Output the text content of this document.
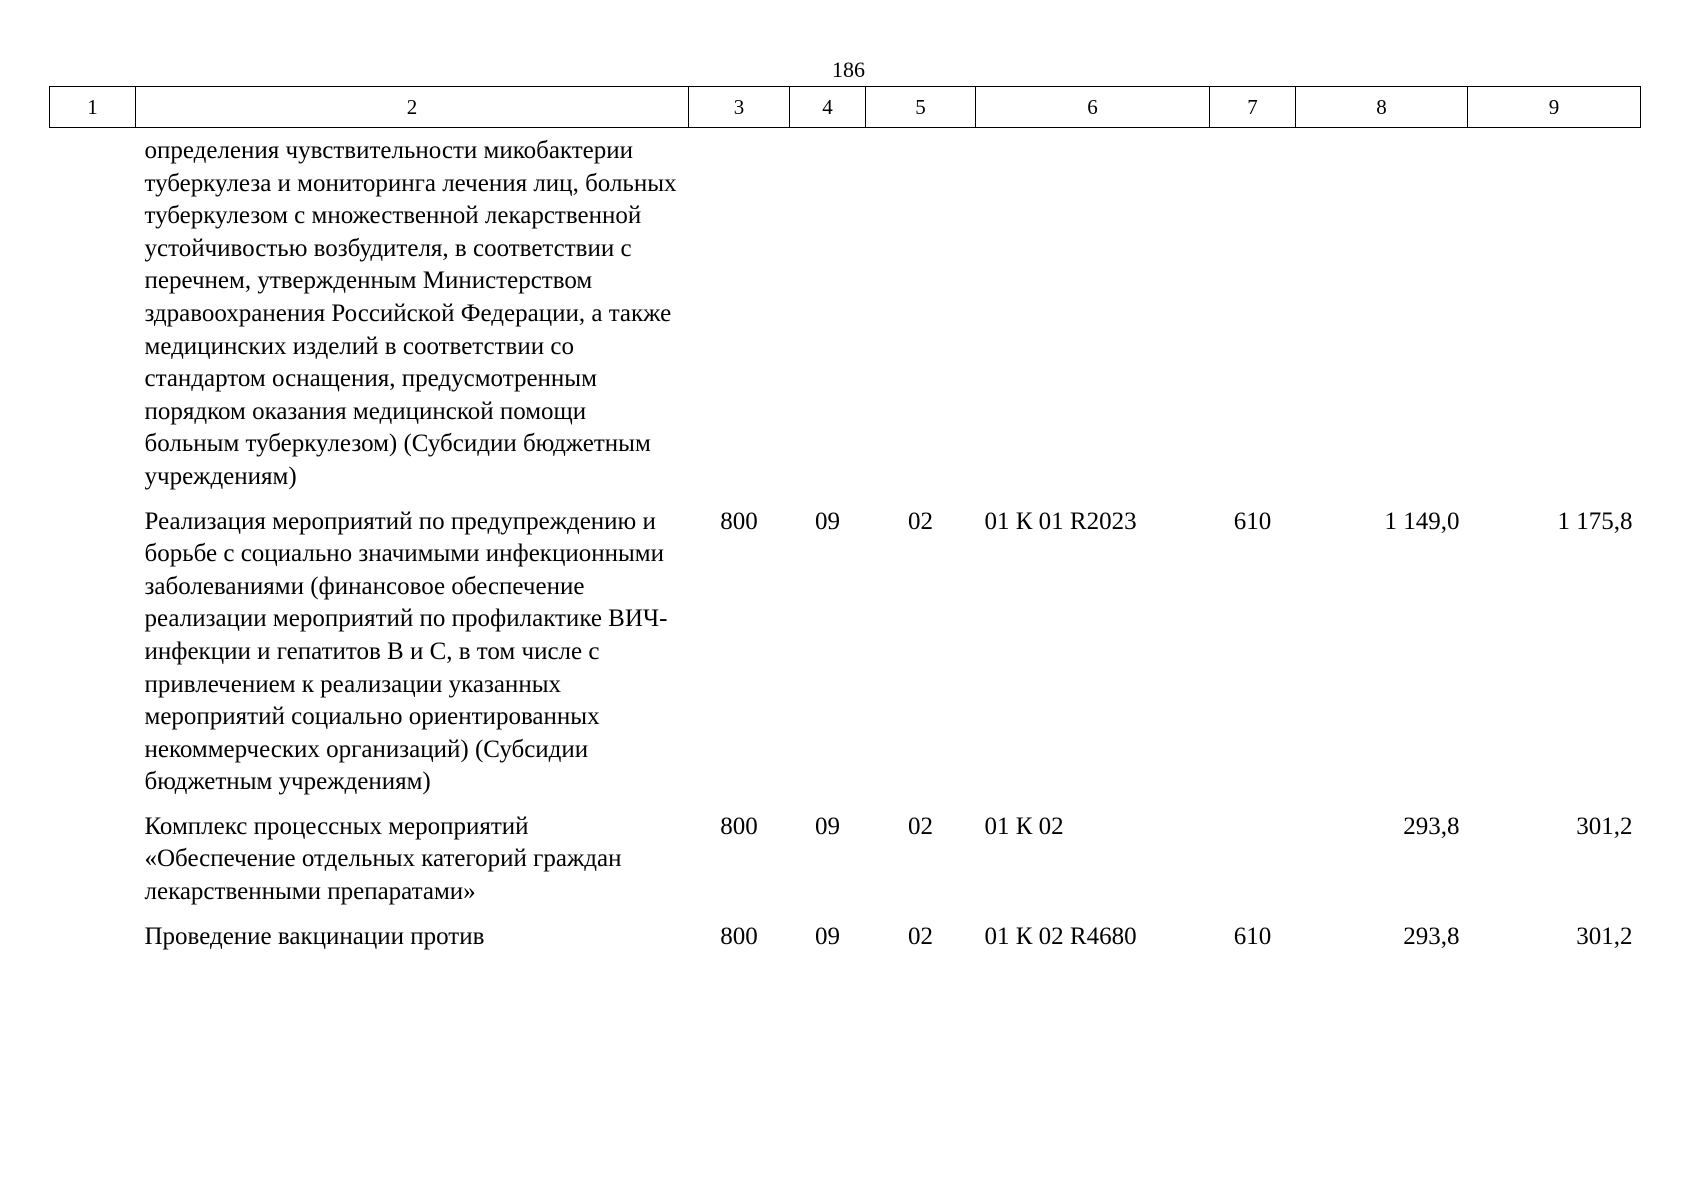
186
1	2	3	4	5	6	7	8	9
	определения чувствительности микобактерии туберкулеза и мониторинга лечения лиц, больных туберкулезом с множественной лекарственной устойчивостью возбудителя, в соответствии с перечнем, утвержденным Министерством здравоохранения Российской Федерации, а также медицинских изделий в соответствии со стандартом оснащения, предусмотренным порядком оказания медицинской помощи больным туберкулезом) (Субсидии бюджетным учреждениям)							
	Реализация мероприятий по предупреждению и борьбе с социально значимыми инфекционными заболеваниями (финансовое обеспечение реализации мероприятий по профилактике ВИЧ-инфекции и гепатитов В и С, в том числе с привлечением к реализации указанных мероприятий социально ориентированных некоммерческих организаций) (Субсидии бюджетным учреждениям)	800	09	02	01 К 01 R2023	610	1 149,0	1 175,8
	Комплекс процессных мероприятий «Обеспечение отдельных категорий граждан лекарственными препаратами»	800	09	02	01 К 02		293,8	301,2
	Проведение вакцинации против	800	09	02	01 К 02 R4680	610	293,8	301,2
